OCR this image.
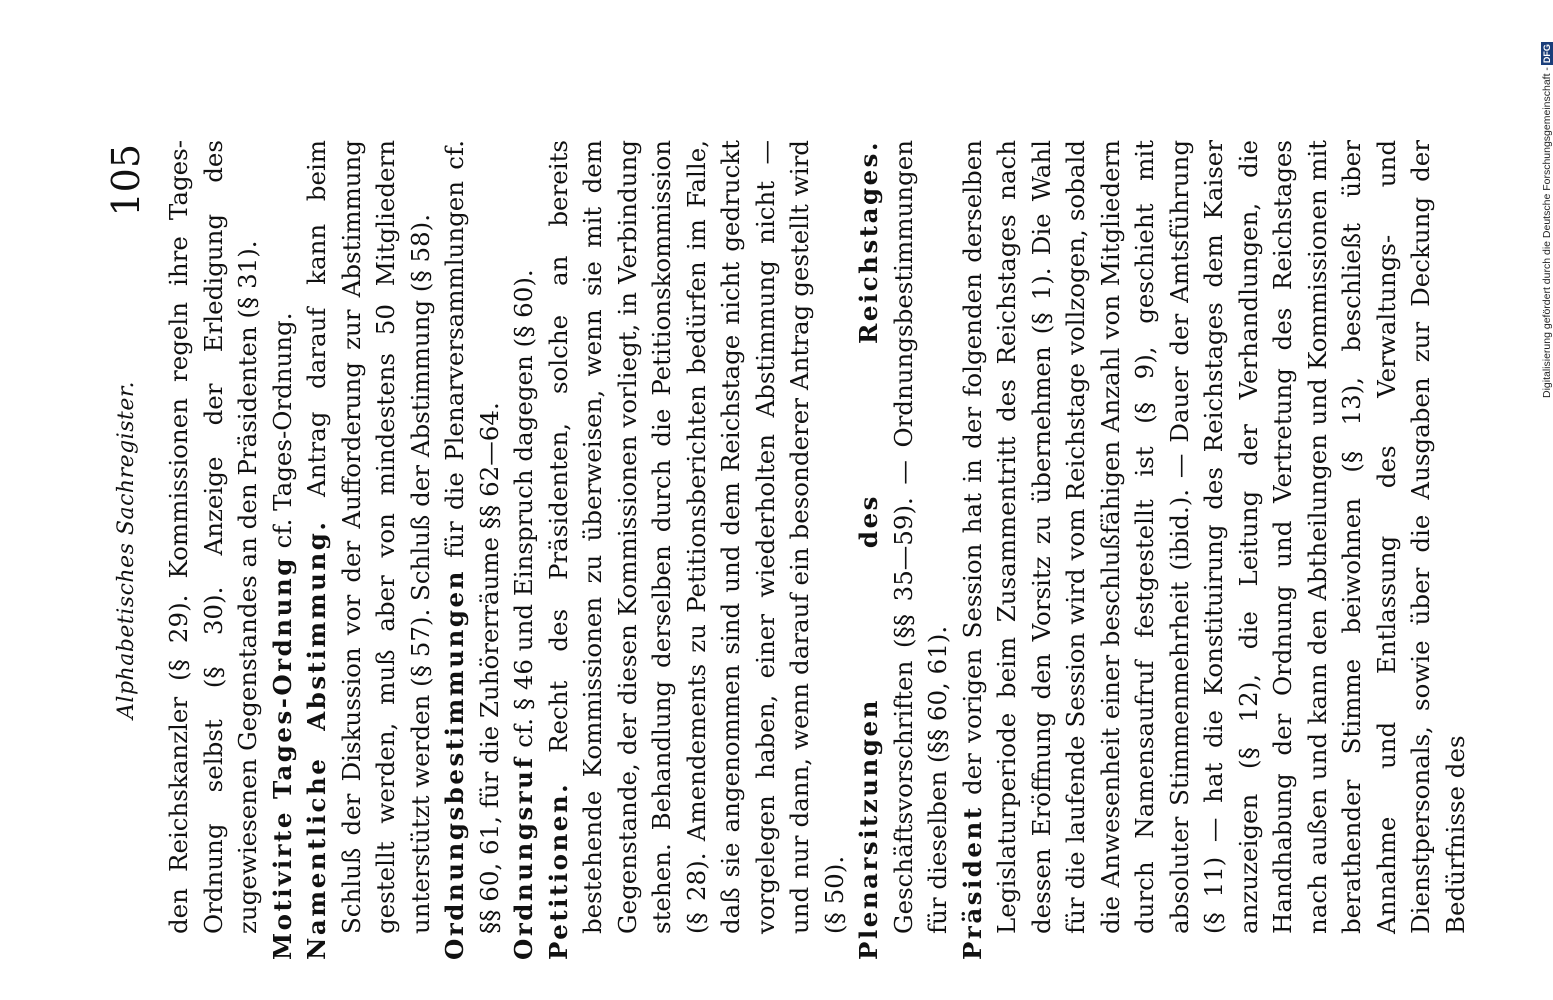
Alphabetisches Sachregister.
105 den Reichskanzler (§ 29). Kommissionen regeln ihre Tages-Ordnung selbst (§ 30). Anzeige der Erledigung des zugewiesenen Gegenstandes an den Präsidenten (§ 31). Motivirte Tages-Ordnung cf. Tages-Ordnung.

Namentliche Abstimmung. Antrag darauf kann beim Schluß der Diskussion vor der Aufforderung zur Abstimmung gestellt werden, muß aber von mindestens 50 Mitgliedern unterstützt werden (§ 57). Schluß der Abstimmung (§ 58). Ordnungsbestimmungen für die Plenarversammlungen cf. §§ 60, 61, für die Zuhörerräume §§ 62—64. Ordnungsruf cf. § 46 und Einspruch dagegen (§ 60).

Petitionen. Recht des Präsidenten, solche an bereits bestehende Kommissionen zu überweisen, wenn sie mit dem Gegenstande, der diesen Kommissionen vorliegt, in Verbindung stehen. Behandlung derselben durch die Petitionskommission (§ 28). Amendements zu Petitionsberichten bedürfen im Falle, daß sie angenommen sind und dem Reichstage nicht gedruckt vorgelegen haben, einer wiederholten Abstimmung nicht — und nur dann, wenn darauf ein besonderer Antrag gestellt wird (§ 50). Plenarsitzungen des Reichstages. Geschäftsvorschriften (§§ 35—59). — Ordnungsbestimmungen für dieselben (§§ 60, 61). Präsident der vorigen Session hat in der folgenden derselben Legislaturperiode beim Zusammentritt des Reichstages nach dessen Eröffnung den Vorsitz zu übernehmen (§ 1). Die Wahl für die laufende Session wird vom Reichstage vollzogen, sobald die Anwesenheit einer beschlußfähigen Anzahl von Mitgliedern durch Namensaufruf festgestellt ist (§ 9), geschieht mit absoluter Stimmenmehrheit (ibid.). — Dauer der Amtsführung (§ 11) — hat die Konstituirung des Reichstages dem Kaiser anzuzeigen (§ 12), die Leitung der Verhandlungen, die Handhabung der Ordnung und Vertretung des Reichstages nach außen und kann den Abtheilungen und Kommissionen mit berathender Stimme beiwohnen (§ 13), beschließt über Annahme und Entlassung des Verwaltungs- und Dienstpersonals, sowie über die Ausgaben zur Deckung der Bedürfnisse des

Digitalisierung gefördert durch die Deutsche Forschungsgemeinschaft -
DFG
